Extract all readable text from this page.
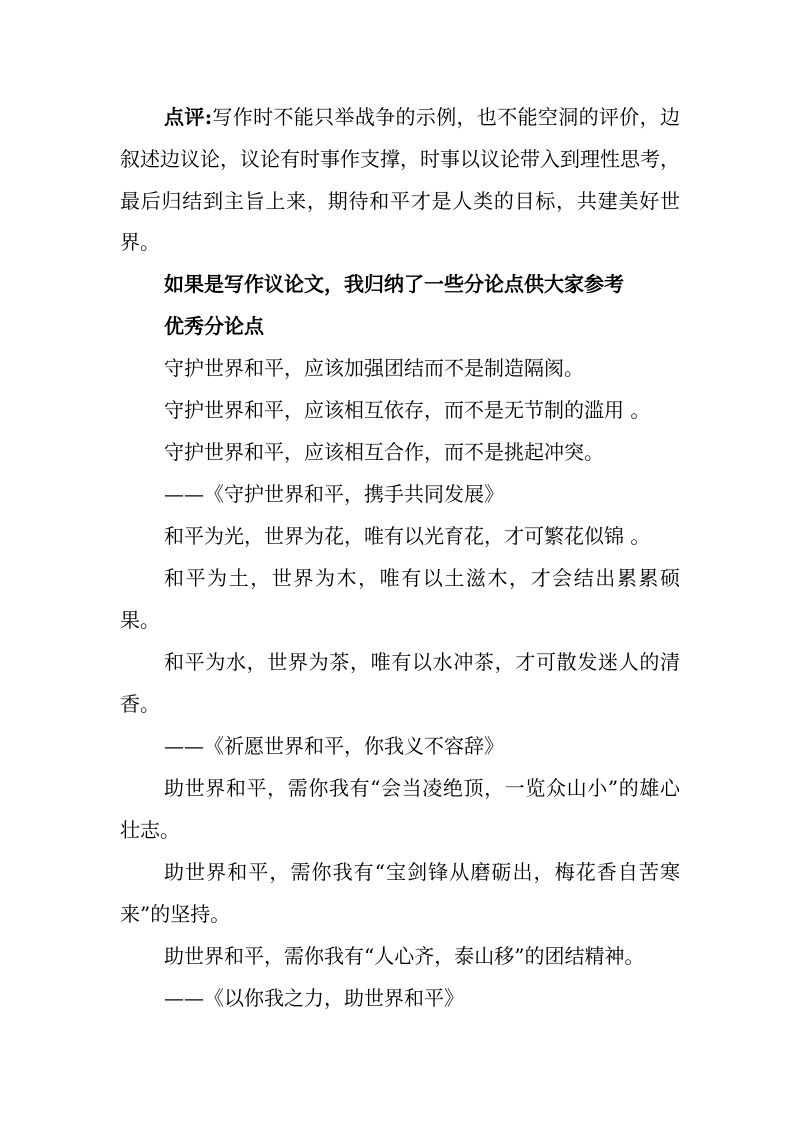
点评:写作时不能只举战争的示例，也不能空洞的评价，边叙述边议论，议论有时事作支撑，时事以议论带入到理性思考，最后归结到主旨上来，期待和平才是人类的目标，共建美好世界。
如果是写作议论文，我归纳了一些分论点供大家参考
优秀分论点
守护世界和平，应该加强团结而不是制造隔阂。
守护世界和平，应该相互依存，而不是无节制的滥用 。
守护世界和平，应该相互合作，而不是挑起冲突。
——《守护世界和平，携手共同发展》
和平为光，世界为花，唯有以光育花，才可繁花似锦 。
和平为土，世界为木，唯有以土滋木，才会结出累累硕果。
和平为水，世界为茶，唯有以水冲茶，才可散发迷人的清香。
——《祈愿世界和平，你我义不容辞》
助世界和平，需你我有“会当凌绝顶，一览众山小”的雄心壮志。
助世界和平，需你我有“宝剑锋从磨砺出，梅花香自苦寒来”的坚持。
助世界和平，需你我有“人心齐，泰山移”的团结精神。
——《以你我之力，助世界和平》
